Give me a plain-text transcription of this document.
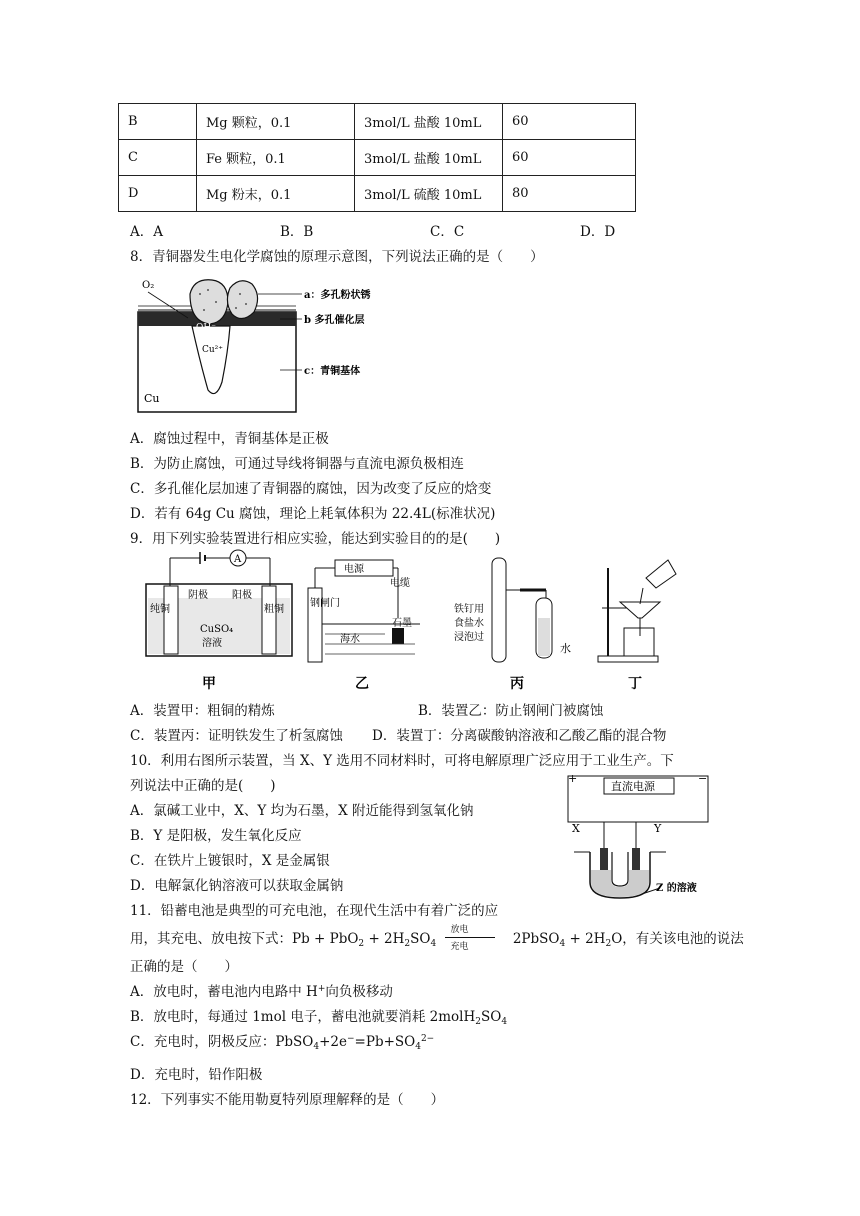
B	Mg 颗粒，0.1	3mol/L 盐酸 10mL	60
C	Fe 颗粒，0.1	3mol/L 盐酸 10mL	60
D	Mg 粉末，0.1	3mol/L 硫酸 10mL	80
A．A	B．B	C．C	D．D
8．青铜器发生电化学腐蚀的原理示意图，下列说法正确的是（　　）
O₂
OH⁻
Cu²⁺
Cu
a：多孔粉状锈
b 多孔催化层
c：青铜基体
A．腐蚀过程中，青铜基体是正极
B．为防止腐蚀，可通过导线将铜器与直流电源负极相连
C．多孔催化层加速了青铜器的腐蚀，因为改变了反应的焓变
D．若有 64g Cu 腐蚀，理论上耗氧体积为 22.4L(标准状况)
9．用下列实验装置进行相应实验，能达到实验目的的是(　　)
A
阴极 阳极
纯铜	粗铜
CuSO₄
溶液
甲
电源
电缆
钢闸门
石墨
海水
乙
铁钉用
食盐水
浸泡过
水
丙	丁
A．装置甲：粗铜的精炼	B．装置乙：防止钢闸门被腐蚀
C．装置丙：证明铁发生了析氢腐蚀 D．装置丁：分离碳酸钠溶液和乙酸乙酯的混合物
10．利用右图所示装置，当 X、Y 选用不同材料时，可将电解原理广泛应用于工业生产。下
列说法中正确的是(　　)
A．氯碱工业中，X、Y 均为石墨，X 附近能得到氢氧化钠
B．Y 是阳极，发生氧化反应
C．在铁片上镀银时，X 是金属银
D．电解氯化钠溶液可以获取金属钠
+	−
直流电源
X	Y
Z 的溶液
11．铅蓄电池是典型的可充电池，在现代生活中有着广泛的应
用，其充电、放电按下式：$Pb + PbO_2 + 2H_2SO_4$
放电
充电	2PbSO$_4$ + $2H_2O$，有关该电池的说法
正确的是（　　）
A．放电时，蓄电池内电路中 H+向负极移动
B．放电时，每通过 1mol 电子，蓄电池就要消耗 $2molH_2SO_4$
C．充电时，阴极反应：$PbSO_4+2e^-=Pb+SO_4^{2-}$
D．充电时，铅作阳极
12．下列事实不能用勒夏特列原理解释的是（　　）
